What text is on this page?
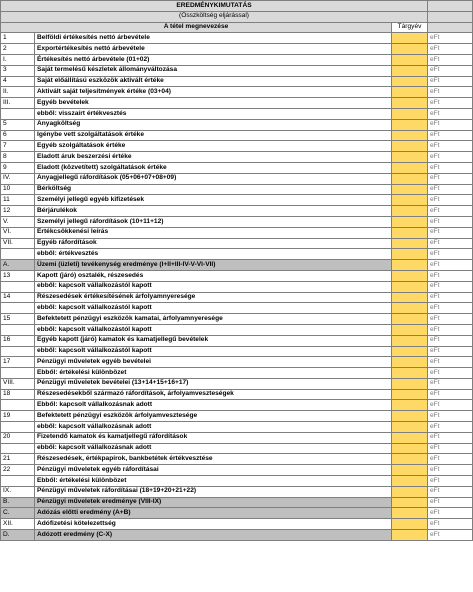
EREDMÉNYKIMUTATÁS			
(Összköltség eljárással)			
A tétel megnevezése		Tárgyév	
1	Belföldi értékesítés nettó árbevétele		eFt
2	Exportértékesítés nettó árbevétele		eFt
I.	Értékesítés nettó árbevétele (01+02)		eFt
3	Saját termelésű készletek állományváltozása		eFt
4	Saját előállítású eszközök aktivált értéke		eFt
II.	Aktivált saját teljesítmények értéke (03+04)		eFt
III.	Egyéb bevételek		eFt
	ebből: visszaírt értékvesztés		eFt
5	Anyagköltség		eFt
6	Igénybe vett szolgáltatások értéke		eFt
7	Egyéb szolgáltatások értéke		eFt
8	Eladott áruk beszerzési értéke		eFt
9	Eladott (közvetített) szolgáltatások értéke		eFt
IV.	Anyagjellegű ráfordítások (05+06+07+08+09)		eFt
10	Bérköltség		eFt
11	Személyi jellegű egyéb kifizetések		eFt
12	Bérjárulékok		eFt
V.	Személyi jellegű ráfordítások (10+11+12)		eFt
VI.	Értékcsökkenési leírás		eFt
VII.	Egyéb ráfordítások		eFt
	ebből: értékvesztés		eFt
A.	Üzemi (üzleti) tevékenység eredménye (I+II+III-IV-V-VI-VII)		eFt
13	Kapott (járó) osztalék, részesedés		eFt
	ebből: kapcsolt vállalkozástól kapott		eFt
14	Részesedések értékesítésének árfolyamnyeresége		eFt
	ebből: kapcsolt vállalkozástól kapott		eFt
15	Befektetett pénzügyi eszközök kamatai, árfolyamnyeresége		eFt
	ebből: kapcsolt vállalkozástól kapott		eFt
16	Egyéb kapott (járó) kamatok és kamatjellegű bevételek		eFt
	ebből: kapcsolt vállalkozástól kapott		eFt
17	Pénzügyi műveletek egyéb bevételei		eFt
	Ebből: értékelési különbözet		eFt
VIII.	Pénzügyi műveletek bevételei (13+14+15+16+17)		eFt
18	Részesedésekből származó ráfordítások, árfolyamveszteségek		eFt
	Ebből: kapcsolt vállalkozásnak adott		eFt
19	Befektetett pénzügyi eszközök árfolyamvesztesége		eFt
	ebből: kapcsolt vállalkozásnak adott		eFt
20	Fizetendő kamatok és kamatjellegű ráfordítások		eFt
	ebből: kapcsolt vállalkozásnak adott		eFt
21	Részesedések, értékpapírok, bankbetétek értékvesztése		eFt
22	Pénzügyi műveletek egyéb ráfordításai		eFt
	Ebből: értékelési különbözet		eFt
IX.	Pénzügyi műveletek ráfordításai (18+19+20+21+22)		eFt
B.	Pénzügyi műveletek eredménye (VIII-IX)		eFt
C.	Adózás előtti eredmény (A+B)		eFt
XII.	Adófizetési kötelezettség		eFt
D.	Adózott eredmény (C-X)		eFt
